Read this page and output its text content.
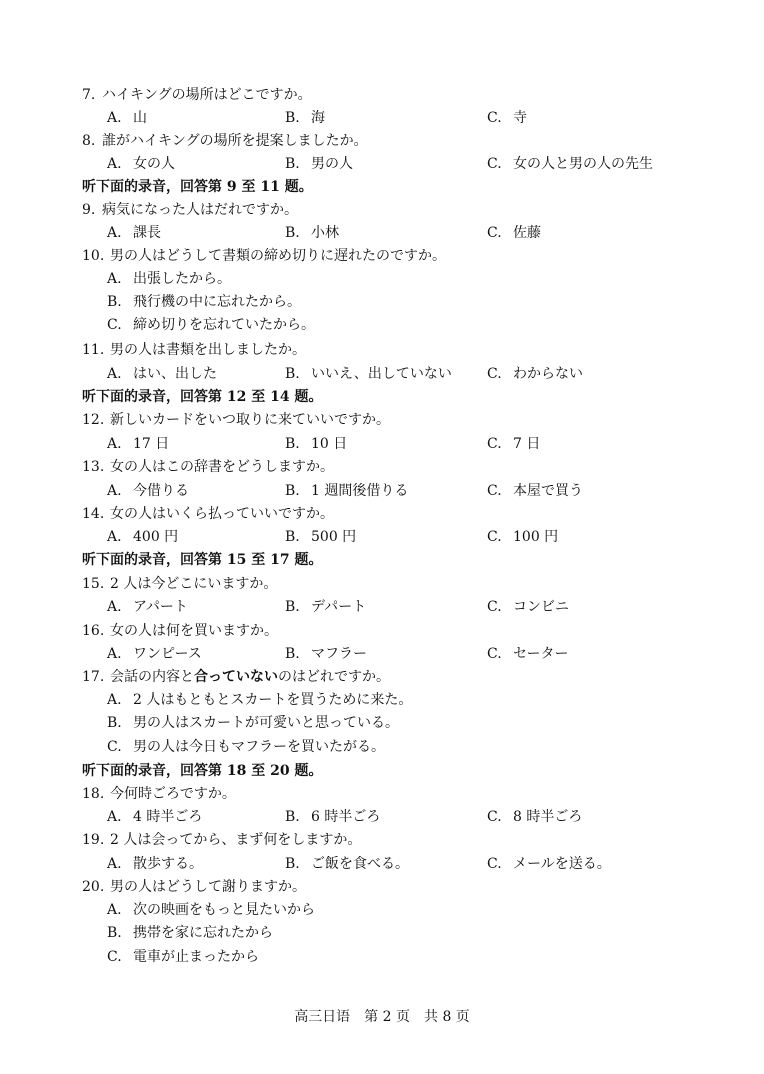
7. ハイキングの場所はどこですか。
A. 山	B. 海	C. 寺
8. 誰がハイキングの場所を提案しましたか。
A. 女の人	B. 男の人	C. 女の人と男の人の先生
听下面的录音，回答第 9 至 11 题。
9. 病気になった人はだれですか。
A. 課長	B. 小林	C. 佐藤
10. 男の人はどうして書類の締め切りに遅れたのですか。
A. 出張したから。
B. 飛行機の中に忘れたから。
C. 締め切りを忘れていたから。
11. 男の人は書類を出しましたか。
A. はい、出した	B. いいえ、出していない	C. わからない
听下面的录音，回答第 12 至 14 题。
12. 新しいカードをいつ取りに来ていいですか。
A. 17 日	B. 10 日	C. 7 日
13. 女の人はこの辞書をどうしますか。
A. 今借りる	B. 1 週間後借りる	C. 本屋で買う
14. 女の人はいくら払っていいですか。
A. 400 円	B. 500 円	C. 100 円
听下面的录音，回答第 15 至 17 题。
15. 2 人は今どこにいますか。
A. アパート	B. デパート	C. コンビニ
16. 女の人は何を買いますか。
A. ワンピース	B. マフラー	C. セーター
17. 会話の内容と合っていないのはどれですか。
A. 2 人はもともとスカートを買うために来た。
B. 男の人はスカートが可愛いと思っている。
C. 男の人は今日もマフラーを買いたがる。
听下面的录音，回答第 18 至 20 题。
18. 今何時ごろですか。
A. 4 時半ごろ	B. 6 時半ごろ	C. 8 時半ごろ
19. 2 人は会ってから、まず何をしますか。
A. 散歩する。	B. ご飯を食べる。	C. メールを送る。
20. 男の人はどうして謝りますか。
A. 次の映画をもっと見たいから
B. 携帯を家に忘れたから
C. 電車が止まったから
高三日语　第 2 页　共 8 页
